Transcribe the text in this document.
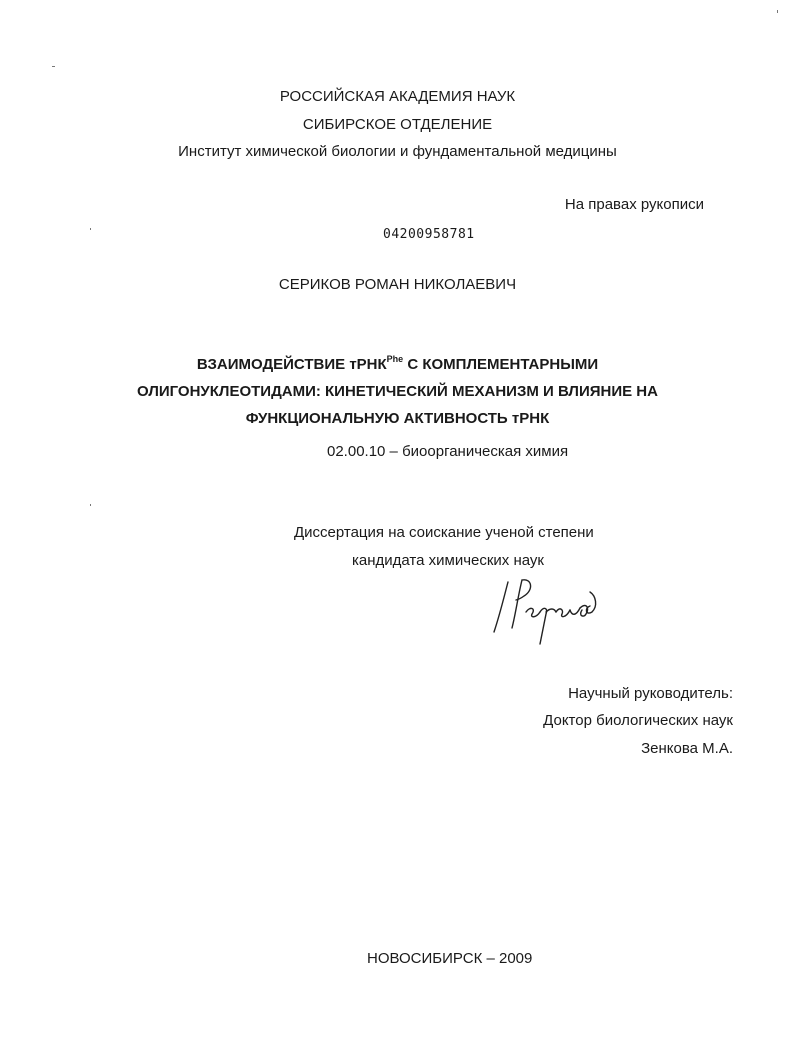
РОССИЙСКАЯ АКАДЕМИЯ НАУК
СИБИРСКОЕ ОТДЕЛЕНИЕ
Институт химической биологии и фундаментальной медицины
На правах рукописи
04200958781
СЕРИКОВ РОМАН НИКОЛАЕВИЧ
ВЗАИМОДЕЙСТВИЕ тРНК$^{Phe}$ С КОМПЛЕМЕНТАРНЫМИ
ОЛИГОНУКЛЕОТИДАМИ: КИНЕТИЧЕСКИЙ МЕХАНИЗМ И ВЛИЯНИЕ НА
ФУНКЦИОНАЛЬНУЮ АКТИВНОСТЬ тРНК
02.00.10 – биоорганическая химия
Диссертация на соискание ученой степени
кандидата химических наук
Научный руководитель:
Доктор биологических наук
Зенкова М.А.
НОВОСИБИРСК – 2009
